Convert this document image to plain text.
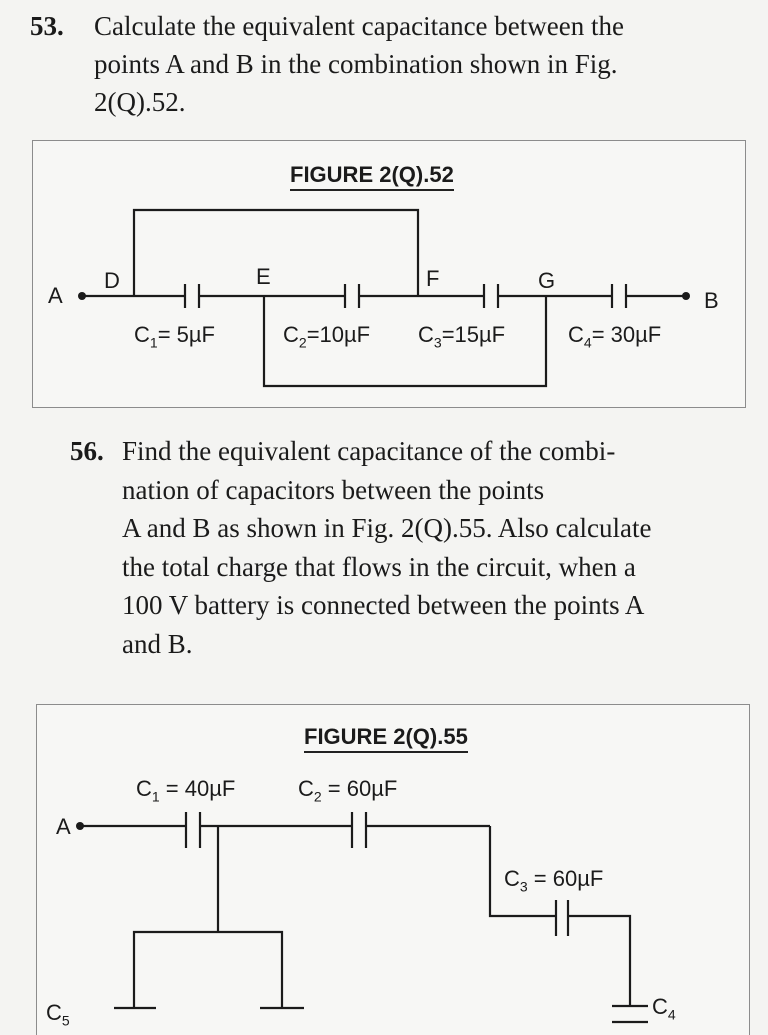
53. Calculate the equivalent capacitance between the
points A and B in the combination shown in Fig.
2(Q).52.
FIGURE 2(Q).52
A
D	E	F	G
B
$C_1= 5\mu F$	$C_2=10\mu F$ $C_3=15\mu F$	$C_4= 30\mu F$
56. Find the equivalent capacitance of the combi-
nation of capacitors between the points
A and B as shown in Fig. 2(Q).55. Also calculate
the total charge that flows in the circuit, when a
100 V battery is connected between the points A
and B.
FIGURE 2(Q).55
A
$C_1 = 40\mu F$	$C_2 = 60\mu F$
$C_3 = 60\mu F$
$C_4$
$C_5$
